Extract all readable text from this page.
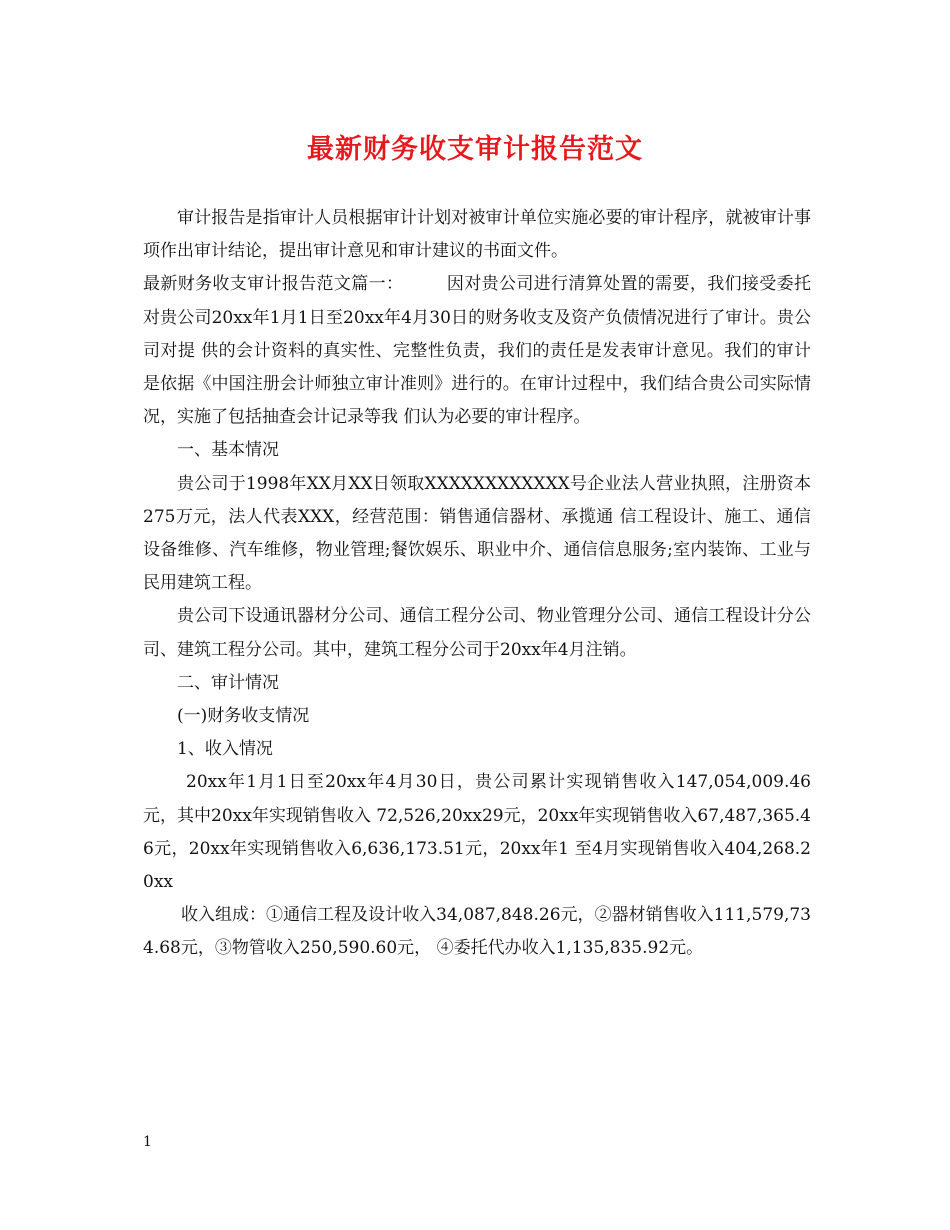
最新财务收支审计报告范文

审计报告是指审计人员根据审计计划对被审计单位实施必要的审计程序，就被审计事项作出审计结论，提出审计意见和审计建议的书面文件。

最新财务收支审计报告范文篇一：　　　因对贵公司进行清算处置的需要，我们接受委托对贵公司20xx年1月1日至20xx年4月30日的财务收支及资产负债情况进行了审计。贵公司对提 供的会计资料的真实性、完整性负责，我们的责任是发表审计意见。我们的审计是依据《中国注册会计师独立审计准则》进行的。在审计过程中，我们结合贵公司实际情况，实施了包括抽查会计记录等我 们认为必要的审计程序。

一、基本情况

贵公司于1998年XX月XX日领取XXXXXXXXXXXX号企业法人营业执照，注册资本275万元，法人代表XXX，经营范围：销售通信器材、承揽通 信工程设计、施工、通信设备维修、汽车维修，物业管理;餐饮娱乐、职业中介、通信信息服务;室内装饰、工业与民用建筑工程。

贵公司下设通讯器材分公司、通信工程分公司、物业管理分公司、通信工程设计分公司、建筑工程分公司。其中，建筑工程分公司于20xx年4月注销。

二、审计情况

(一)财务收支情况

1、收入情况

20xx年1月1日至20xx年4月30日，贵公司累计实现销售收入147,054,009.46元，其中20xx年实现销售收入 72,526,20xx29元，20xx年实现销售收入67,487,365.46元，20xx年实现销售收入6,636,173.51元，20xx年1 至4月实现销售收入404,268.20xx

收入组成：①通信工程及设计收入34,087,848.26元，②器材销售收入111,579,734.68元，③物管收入250,590.60元， ④委托代办收入1,135,835.92元。

1
